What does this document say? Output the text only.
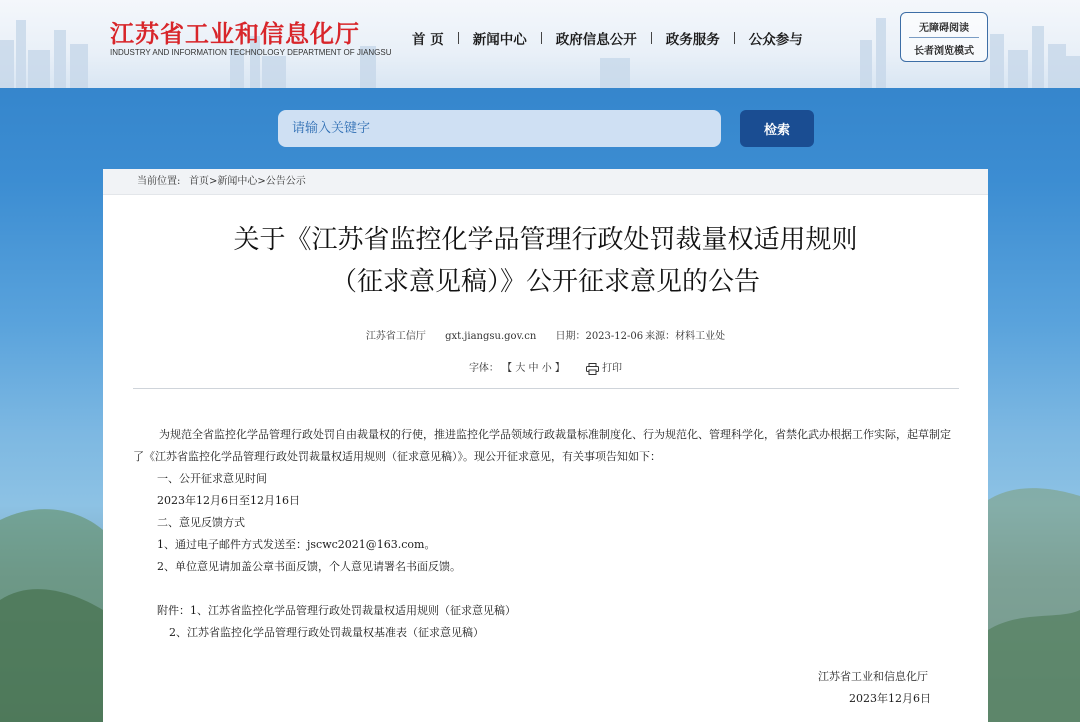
江苏省工业和信息化厅
INDUSTRY AND INFORMATION TECHNOLOGY DEPARTMENT OF JIANGSU
首 页	新闻中心	政府信息公开	政务服务	公众参与
无障碍阅读
长者浏览模式
请输入关键字
检索
当前位置: 首页>新闻中心>公告公示
关于《江苏省监控化学品管理行政处罚裁量权适用规则
（征求意见稿）》公开征求意见的公告
江苏省工信厅 gxt.jiangsu.gov.cn 日期：2023-12-06 来源：材料工业处
字体： 【 大 中 小 】	打印

为规范全省监控化学品管理行政处罚自由裁量权的行使，推进监控化学品领域行政裁量标准制度化、行为规范化、管理科学化，省禁化武办根据工作实际，起草制定了《江苏省监控化学品管理行政处罚裁量权适用规则（征求意见稿）》。现公开征求意见，有关事项告知如下：

一、公开征求意见时间

2023年12月6日至12月16日

二、意见反馈方式

1、通过电子邮件方式发送至：jscwc2021@163.com。

2、单位意见请加盖公章书面反馈，个人意见请署名书面反馈。

附件：1、江苏省监控化学品管理行政处罚裁量权适用规则（征求意见稿）

2、江苏省监控化学品管理行政处罚裁量权基准表（征求意见稿）

江苏省工业和信息化厅
2023年12月6日
